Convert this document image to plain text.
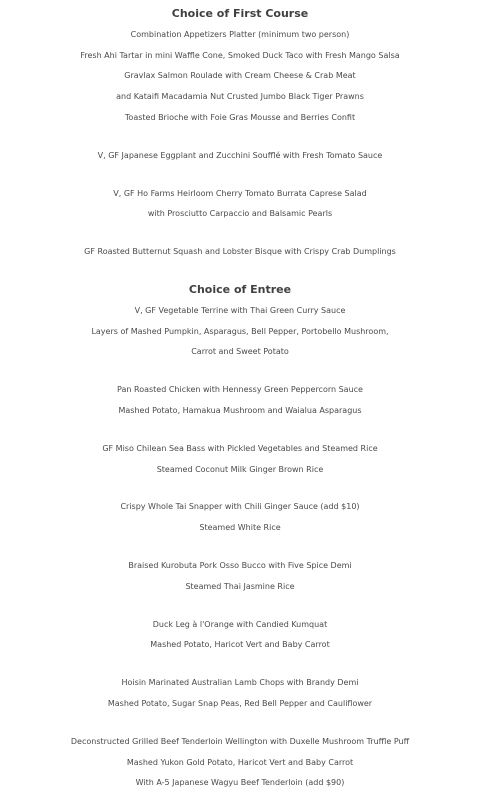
Choice of First Course
Combination Appetizers Platter (minimum two person)
Fresh Ahi Tartar in mini Waffle Cone, Smoked Duck Taco with Fresh Mango Salsa
Gravlax Salmon Roulade with Cream Cheese & Crab Meat
and Kataifi Macadamia Nut Crusted Jumbo Black Tiger Prawns
Toasted Brioche with Foie Gras Mousse and Berries Confit
V, GF Japanese Eggplant and Zucchini Soufflé with Fresh Tomato Sauce
V, GF Ho Farms Heirloom Cherry Tomato Burrata Caprese Salad
with Prosciutto Carpaccio and Balsamic Pearls
GF Roasted Butternut Squash and Lobster Bisque with Crispy Crab Dumplings
Choice of Entree
V, GF Vegetable Terrine with Thai Green Curry Sauce
Layers of Mashed Pumpkin, Asparagus, Bell Pepper, Portobello Mushroom,
Carrot and Sweet Potato
Pan Roasted Chicken with Hennessy Green Peppercorn Sauce
Mashed Potato, Hamakua Mushroom and Waialua Asparagus
GF Miso Chilean Sea Bass with Pickled Vegetables and Steamed Rice
Steamed Coconut Milk Ginger Brown Rice
Crispy Whole Tai Snapper with Chili Ginger Sauce (add $10)
Steamed White Rice
Braised Kurobuta Pork Osso Bucco with Five Spice Demi
Steamed Thai Jasmine Rice
Duck Leg à l'Orange with Candied Kumquat
Mashed Potato, Haricot Vert and Baby Carrot
Hoisin Marinated Australian Lamb Chops with Brandy Demi
Mashed Potato, Sugar Snap Peas, Red Bell Pepper and Cauliflower
Deconstructed Grilled Beef Tenderloin Wellington with Duxelle Mushroom Truffle Puff
Mashed Yukon Gold Potato, Haricot Vert and Baby Carrot
With A-5 Japanese Wagyu Beef Tenderloin (add $90)
